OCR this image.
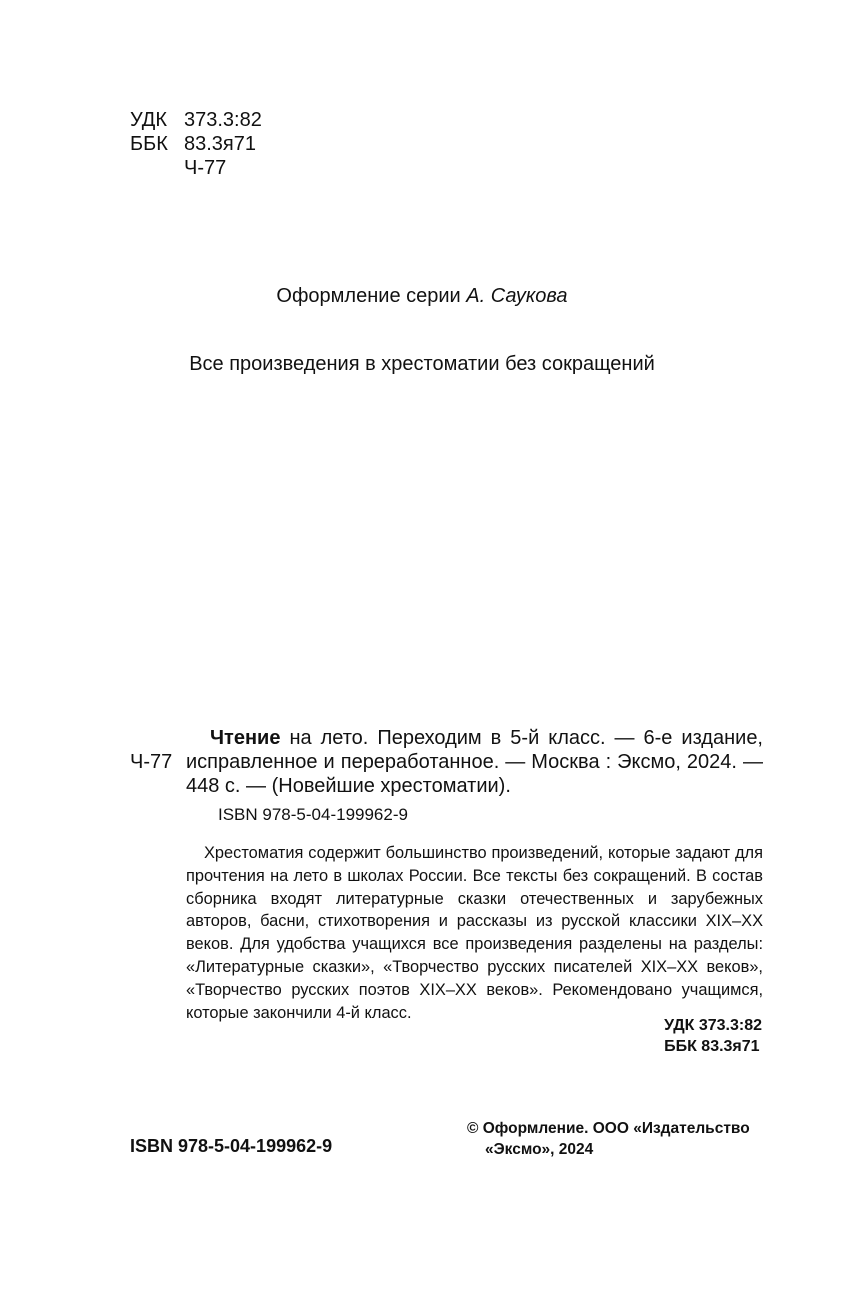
УДК 373.3:82
ББК 83.3я71
Ч-77
Оформление серии А. Саукова
Все произведения в хрестоматии без сокращений
Ч-77
Чтение на лето. Переходим в 5-й класс. — 6-е издание, исправленное и переработанное. — Москва : Эксмо, 2024. — 448 с. — (Новейшие хрестоматии).
ISBN 978-5-04-199962-9
Хрестоматия содержит большинство произведений, которые задают для прочтения на лето в школах России. Все тексты без сокращений. В состав сборника входят литературные сказки отечественных и зарубежных авторов, басни, стихотворения и рассказы из русской классики XIX–XX веков. Для удобства учащихся все произведения разделены на разделы: «Литературные сказки», «Творчество русских писателей XIX–XX веков», «Творчество русских поэтов XIX–XX веков». Рекомендовано учащимся, которые закончили 4-й класс.
УДК 373.3:82
ББК 83.3я71
ISBN 978-5-04-199962-9
© Оформление. ООО «Издательство
«Эксмо», 2024
